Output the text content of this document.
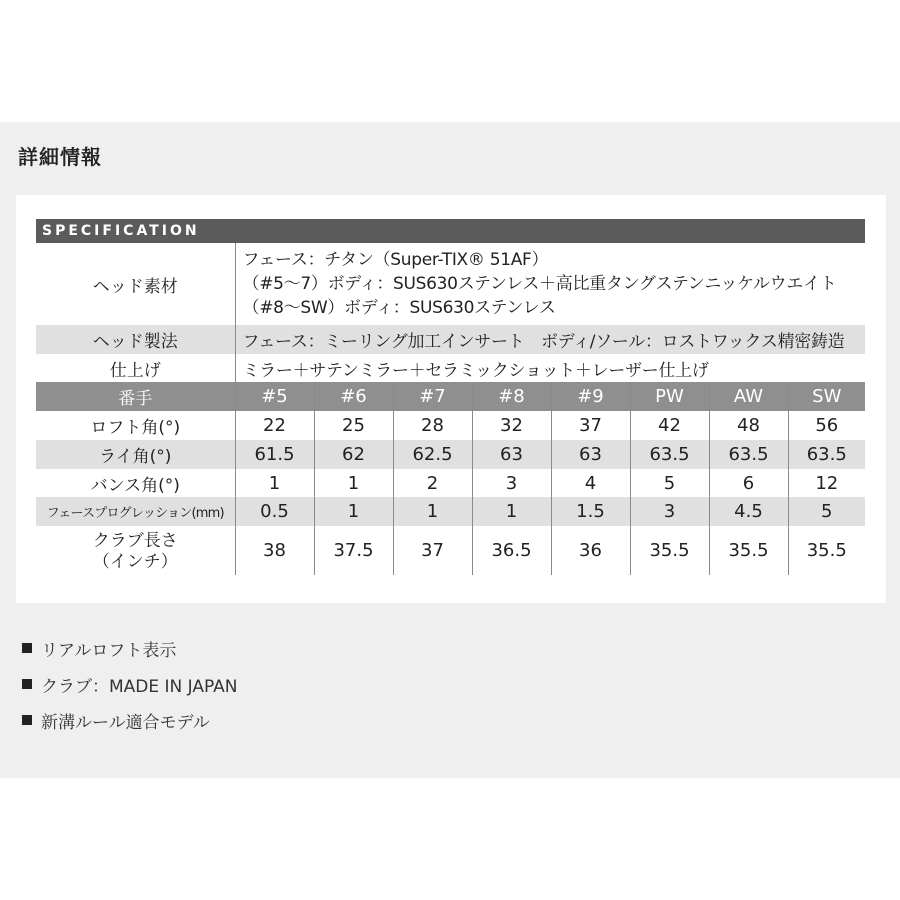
詳細情報
SPECIFICATION
ヘッド素材	フェース：チタン（Super-TIX® 51AF）
（#5～7）ボディ：SUS630ステンレス＋高比重タングステンニッケルウエイト
（#8～SW）ボディ：SUS630ステンレス							

ヘッド製法	フェース：ミーリング加工インサート　ボディ/ソール：ロストワックス精密鋳造							
仕上げ	ミラー＋サテンミラー＋セラミックショット＋レーザー仕上げ							
番手	#5	#6	#7	#8	#9	PW	AW	SW
ロフト角(°)	22	25	28	32	37	42	48	56
ライ角(°)	61.5	62	62.5	63	63	63.5	63.5	63.5
バンス角(°)	1	1	2	3	4	5	6	12
フェースプログレッション(mm)	0.5	1	1	1	1.5	3	4.5	5

クラブ長さ
（インチ）	38	37.5	37	36.5	36	35.5	35.5	35.5
リアルロフト表示
クラブ：MADE IN JAPAN
新溝ルール適合モデル
